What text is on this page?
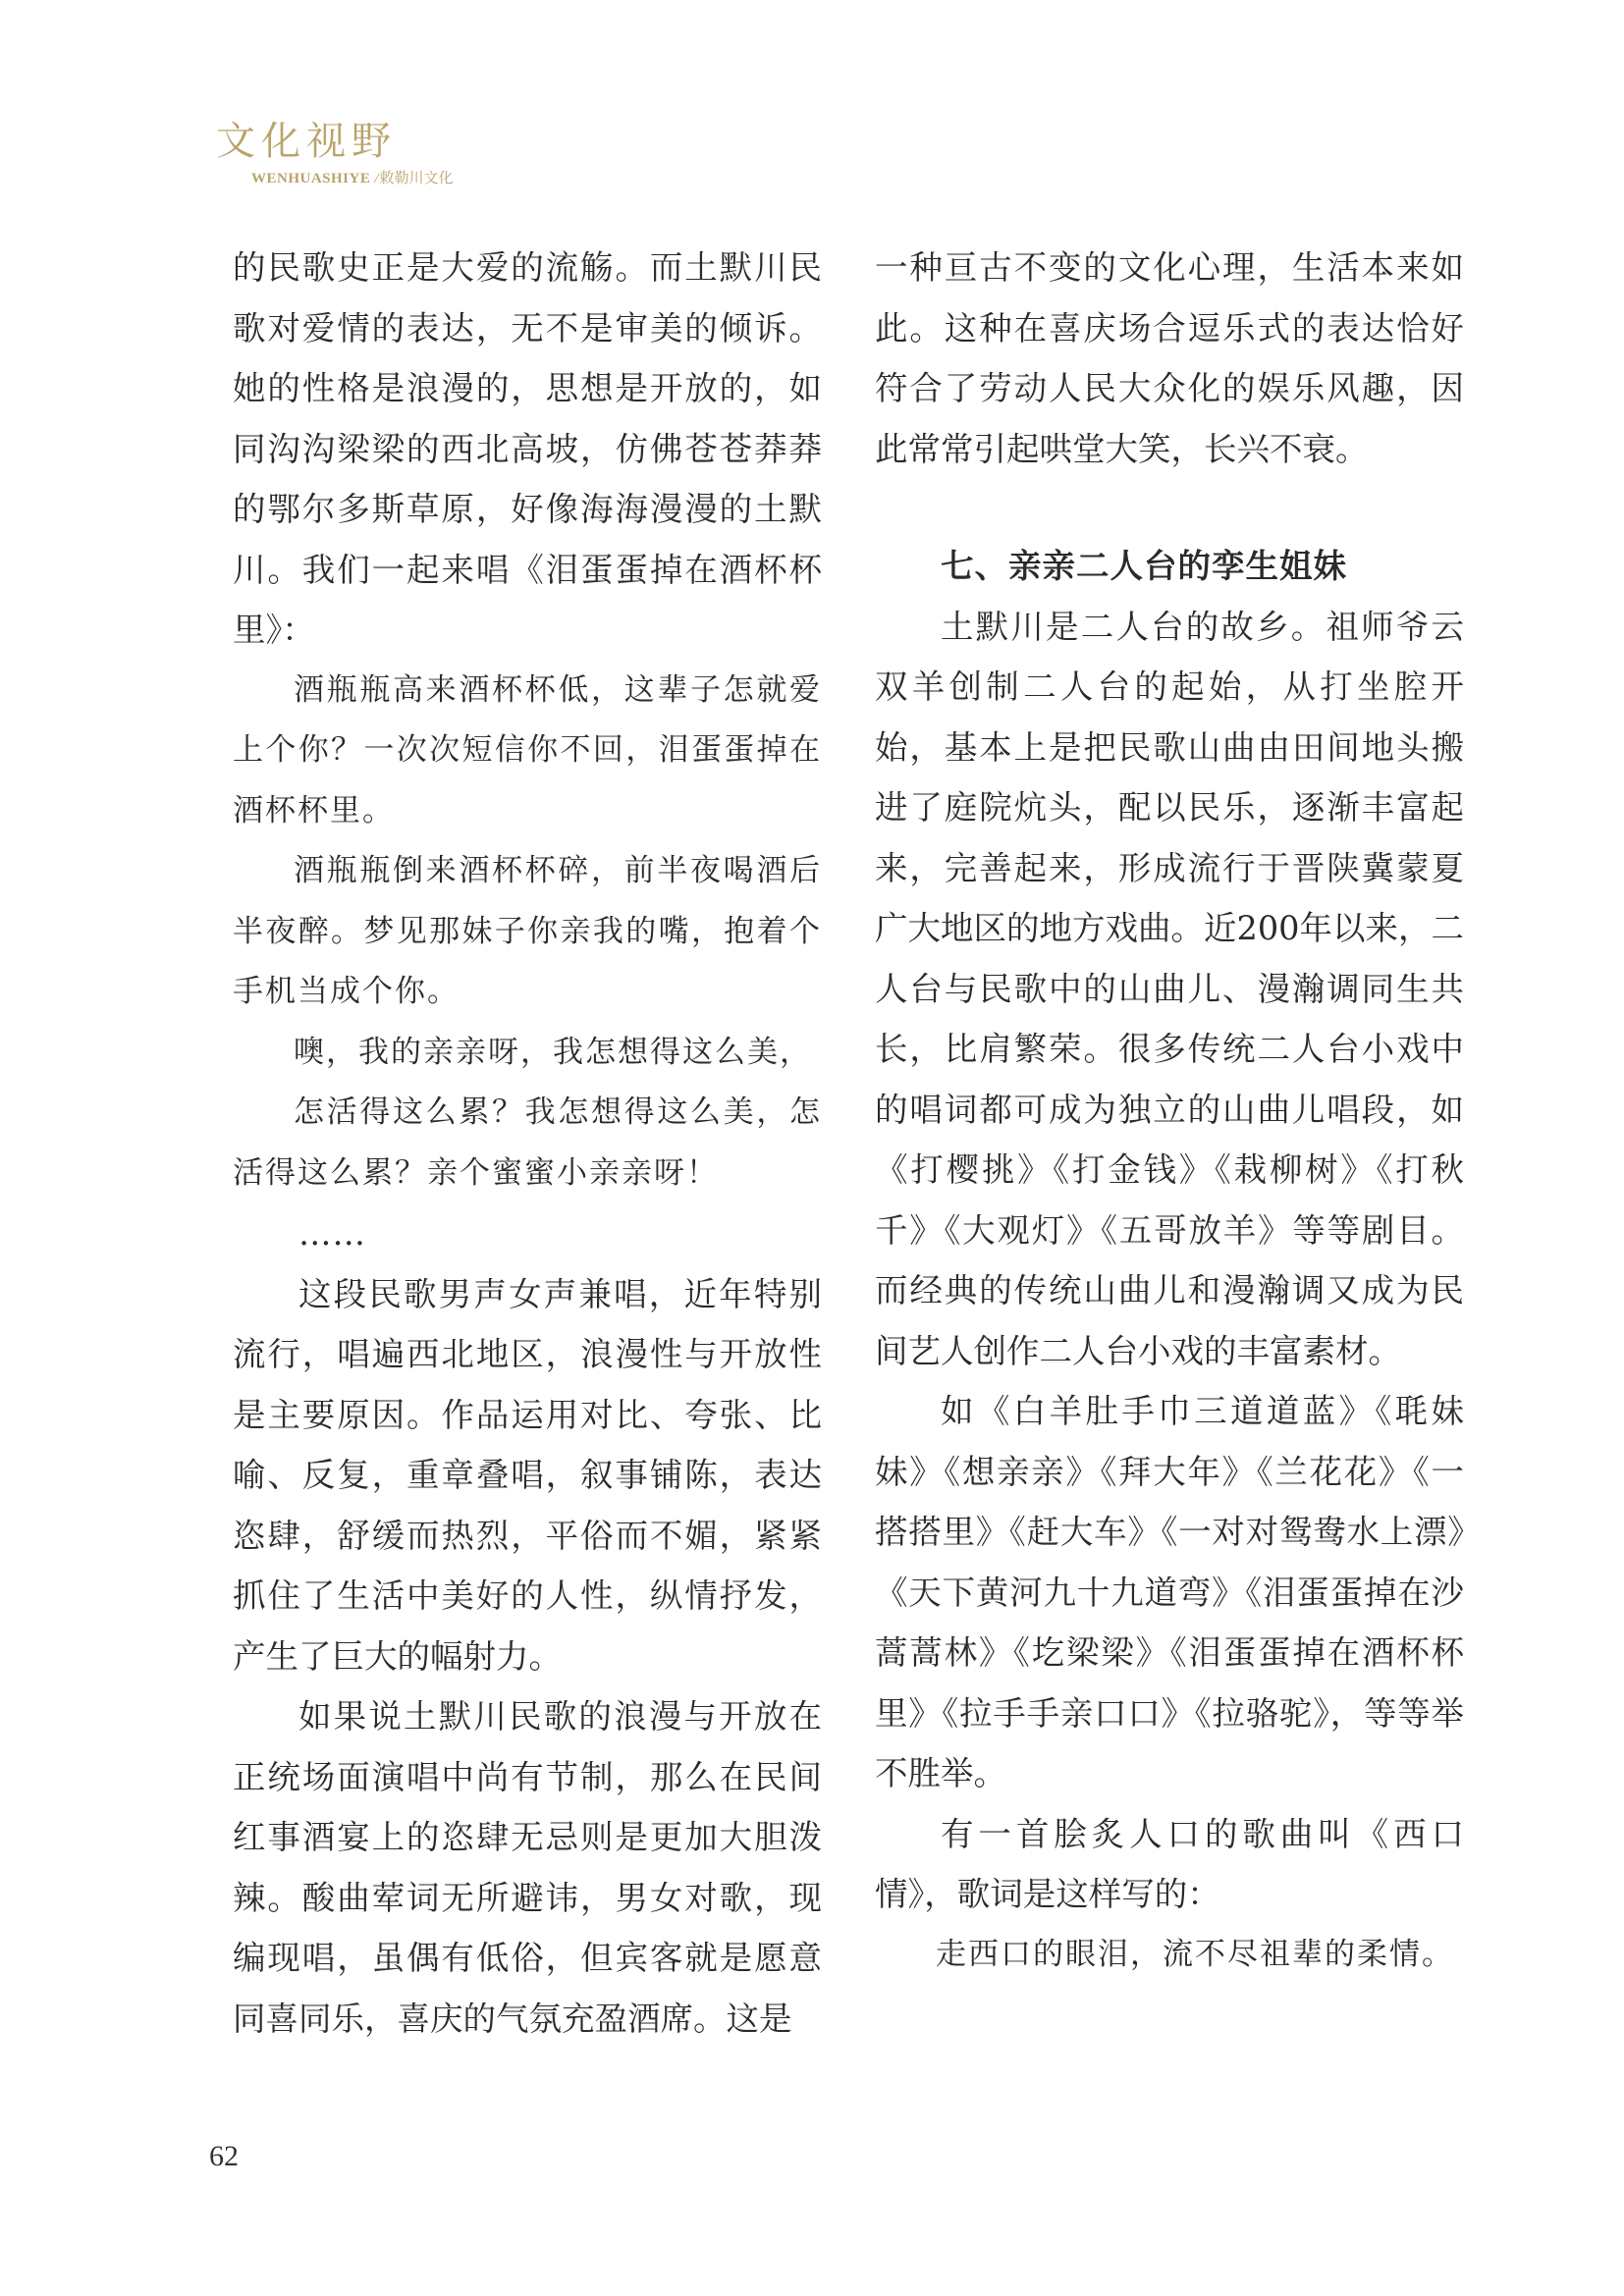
文化视野
WENHUASHIYE /敕勒川文化

的民歌史正是大爱的流觞。而土默川民歌对爱情的表达，无不是审美的倾诉。她的性格是浪漫的，思想是开放的，如同沟沟梁梁的西北高坡，仿佛苍苍莽莽的鄂尔多斯草原，好像海海漫漫的土默川。我们一起来唱《泪蛋蛋掉在酒杯杯里》：

酒瓶瓶高来酒杯杯低，这辈子怎就爱上个你？一次次短信你不回，泪蛋蛋掉在酒杯杯里。

酒瓶瓶倒来酒杯杯碎，前半夜喝酒后半夜醉。梦见那妹子你亲我的嘴，抱着个手机当成个你。

噢，我的亲亲呀，我怎想得这么美，

怎活得这么累？我怎想得这么美，怎活得这么累？亲个蜜蜜小亲亲呀！

……

这段民歌男声女声兼唱，近年特别流行，唱遍西北地区，浪漫性与开放性是主要原因。作品运用对比、夸张、比喻、反复，重章叠唱，叙事铺陈，表达恣肆，舒缓而热烈，平俗而不媚，紧紧抓住了生活中美好的人性，纵情抒发，产生了巨大的幅射力。

如果说土默川民歌的浪漫与开放在正统场面演唱中尚有节制，那么在民间红事酒宴上的恣肆无忌则是更加大胆泼辣。酸曲荤词无所避讳，男女对歌，现编现唱，虽偶有低俗，但宾客就是愿意同喜同乐，喜庆的气氛充盈酒席。这是

一种亘古不变的文化心理，生活本来如此。这种在喜庆场合逗乐式的表达恰好符合了劳动人民大众化的娱乐风趣，因此常常引起哄堂大笑，长兴不衰。

七、亲亲二人台的孪生姐妹

土默川是二人台的故乡。祖师爷云双羊创制二人台的起始，从打坐腔开始，基本上是把民歌山曲由田间地头搬进了庭院炕头，配以民乐，逐渐丰富起来，完善起来，形成流行于晋陕冀蒙夏广大地区的地方戏曲。近200年以来，二人台与民歌中的山曲儿、漫瀚调同生共长，比肩繁荣。很多传统二人台小戏中的唱词都可成为独立的山曲儿唱段，如《打樱挑》《打金钱》《栽柳树》《打秋千》《大观灯》《五哥放羊》等等剧目。而经典的传统山曲儿和漫瀚调又成为民间艺人创作二人台小戏的丰富素材。

如《白羊肚手巾三道道蓝》《毦妹妹》《想亲亲》《拜大年》《兰花花》《一搭搭里》《赶大车》《一对对鸳鸯水上漂》《天下黄河九十九道弯》《泪蛋蛋掉在沙蒿蒿林》《圪梁梁》《泪蛋蛋掉在酒杯杯里》《拉手手亲口口》《拉骆驼》，等等举不胜举。

有一首脍炙人口的歌曲叫《西口情》，歌词是这样写的：

走西口的眼泪，流不尽祖辈的柔情。

62
